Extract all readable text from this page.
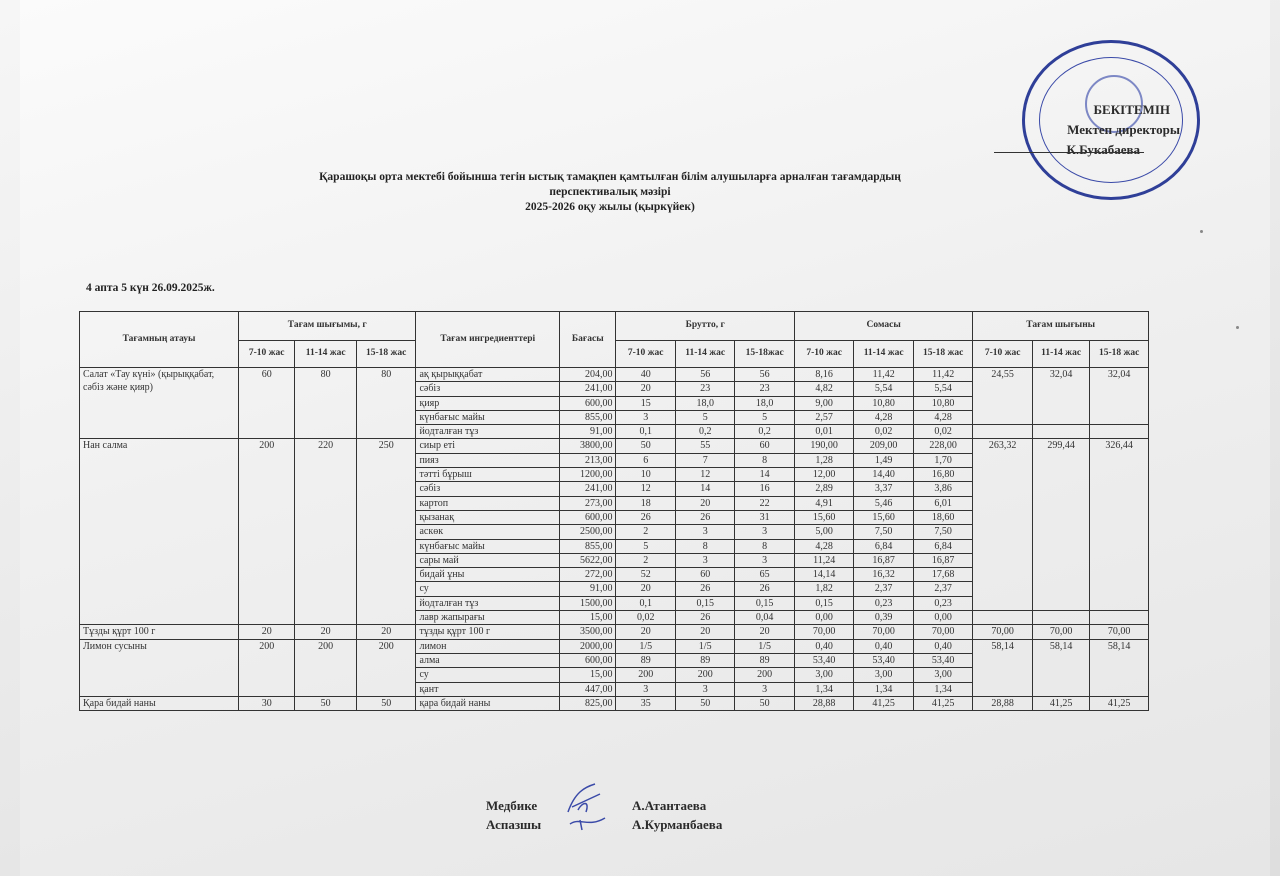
БЕКІТЕМІН
Мектеп директоры
К.Букабаева
Қарашоқы орта мектебі бойынша тегін ыстық тамақпен қамтылған білім алушыларға арналған тағамдардың
перспективалық мәзірі
2025-2026 оқу жылы (қыркүйек)
4 апта 5 күн 26.09.2025ж.
Тағамның атауы	Тағам шығымы, г			Тағам ингредиенттері	Бағасы	Брутто, г			Сомасы			Тағам шығыны		
	7-10 жас	11-14 жас	15-18 жас			7-10 жас	11-14 жас	15-18жас	7-10 жас	11-14 жас	15-18 жас	7-10 жас	11-14 жас	15-18 жас
Салат «Тау күні» (қырыққабат, сәбіз және қияр)	60	80	80	ақ қырыққабат	204,00	40	56	56	8,16	11,42	11,42	24,55	32,04	32,04
				сәбіз	241,00	20	23	23	4,82	5,54	5,54			
				қияр	600,00	15	18,0	18,0	9,00	10,80	10,80			
				күнбағыс майы	855,00	3	5	5	2,57	4,28	4,28			
				йодталған тұз	91,00	0,1	0,2	0,2	0,01	0,02	0,02			
Нан салма	200	220	250	сиыр еті	3800,00	50	55	60	190,00	209,00	228,00	263,32	299,44	326,44
				пияз	213,00	6	7	8	1,28	1,49	1,70			
				тәтті бұрыш	1200,00	10	12	14	12,00	14,40	16,80			
				сәбіз	241,00	12	14	16	2,89	3,37	3,86			
				картоп	273,00	18	20	22	4,91	5,46	6,01			
				қызанақ	600,00	26	26	31	15,60	15,60	18,60			
				аскөк	2500,00	2	3	3	5,00	7,50	7,50			
				күнбағыс майы	855,00	5	8	8	4,28	6,84	6,84			
				сары май	5622,00	2	3	3	11,24	16,87	16,87			
				бидай ұны	272,00	52	60	65	14,14	16,32	17,68			
				су	91,00	20	26	26	1,82	2,37	2,37			
				йодталған тұз	1500,00	0,1	0,15	0,15	0,15	0,23	0,23			
				лавр жапырағы	15,00	0,02	26	0,04	0,00	0,39	0,00			
Тұзды құрт 100 г	20	20	20	тұзды құрт 100 г	3500,00	20	20	20	70,00	70,00	70,00	70,00	70,00	70,00
Лимон сусыны	200	200	200	лимон	2000,00	1/5	1/5	1/5	0,40	0,40	0,40	58,14	58,14	58,14
				алма	600,00	89	89	89	53,40	53,40	53,40			
				су	15,00	200	200	200	3,00	3,00	3,00			
				қант	447,00	3	3	3	1,34	1,34	1,34			
Қара бидай наны	30	50	50	қара бидай наны	825,00	35	50	50	28,88	41,25	41,25	28,88	41,25	41,25
Медбике
Аспазшы
А.Атантаева
А.Курманбаева
